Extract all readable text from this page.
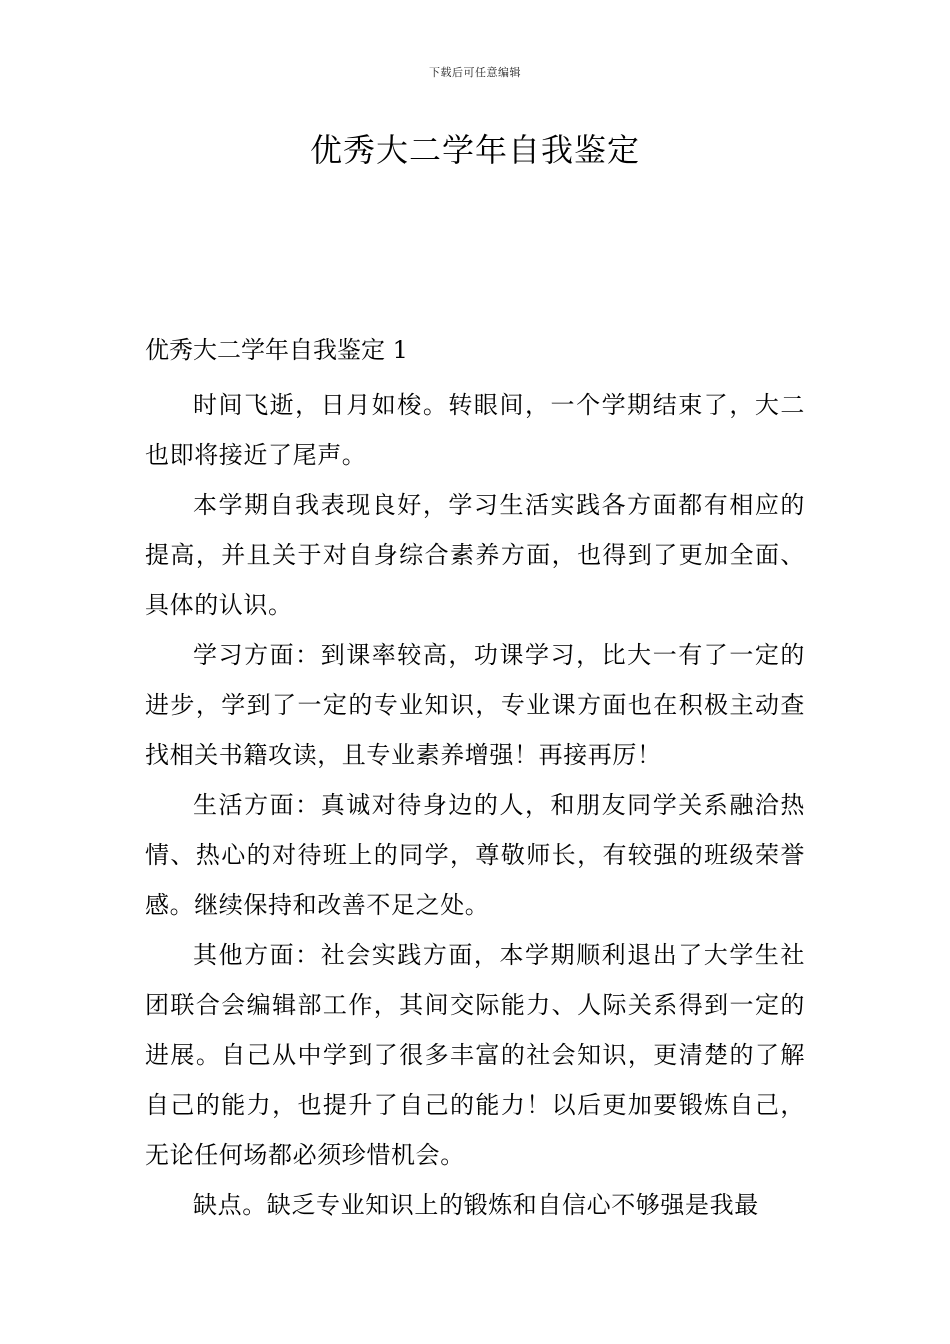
下载后可任意编辑
优秀大二学年自我鉴定

优秀大二学年自我鉴定 1

时间飞逝，日月如梭。转眼间，一个学期结束了，大二也即将接近了尾声。

本学期自我表现良好，学习生活实践各方面都有相应的提高，并且关于对自身综合素养方面，也得到了更加全面、具体的认识。

学习方面：到课率较高，功课学习，比大一有了一定的进步，学到了一定的专业知识，专业课方面也在积极主动查找相关书籍攻读，且专业素养增强！再接再厉！

生活方面：真诚对待身边的人，和朋友同学关系融洽热情、热心的对待班上的同学，尊敬师长，有较强的班级荣誉感。继续保持和改善不足之处。

其他方面：社会实践方面，本学期顺利退出了大学生社团联合会编辑部工作，其间交际能力、人际关系得到一定的进展。自己从中学到了很多丰富的社会知识，更清楚的了解自己的能力，也提升了自己的能力！以后更加要锻炼自己，无论任何场都必须珍惜机会。

缺点。缺乏专业知识上的锻炼和自信心不够强是我最
